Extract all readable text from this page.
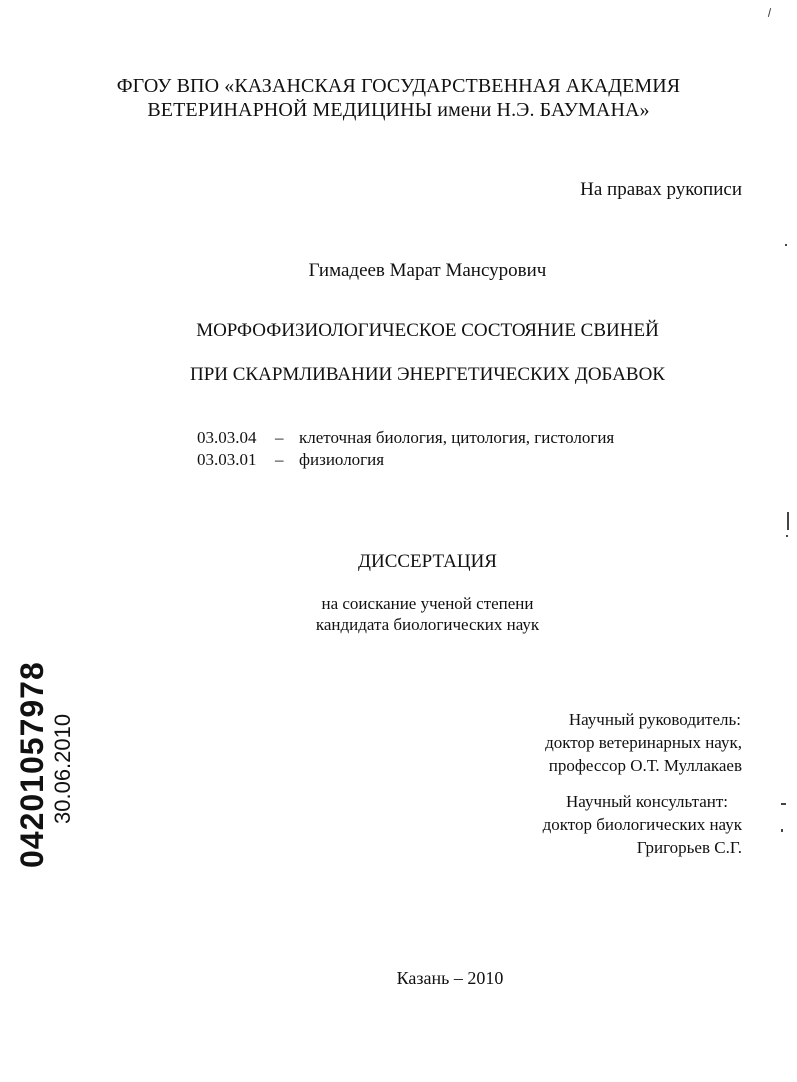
ФГОУ ВПО «КАЗАНСКАЯ ГОСУДАРСТВЕННАЯ АКАДЕМИЯ
ВЕТЕРИНАРНОЙ МЕДИЦИНЫ имени Н.Э. БАУМАНА»
На правах рукописи
Гимадеев Марат Мансурович
МОРФОФИЗИОЛОГИЧЕСКОЕ СОСТОЯНИЕ СВИНЕЙ
ПРИ СКАРМЛИВАНИИ ЭНЕРГЕТИЧЕСКИХ ДОБАВОК
03.03.04 – клеточная биология, цитология, гистология
03.03.01 – физиология
ДИССЕРТАЦИЯ
на соискание ученой степени
кандидата биологических наук
Научный руководитель:
доктор ветеринарных наук,
профессор О.Т. Муллакаев
Научный консультант:
доктор биологических наук
Григорьев С.Г.
Казань – 2010
04201057978 30.06.2010
